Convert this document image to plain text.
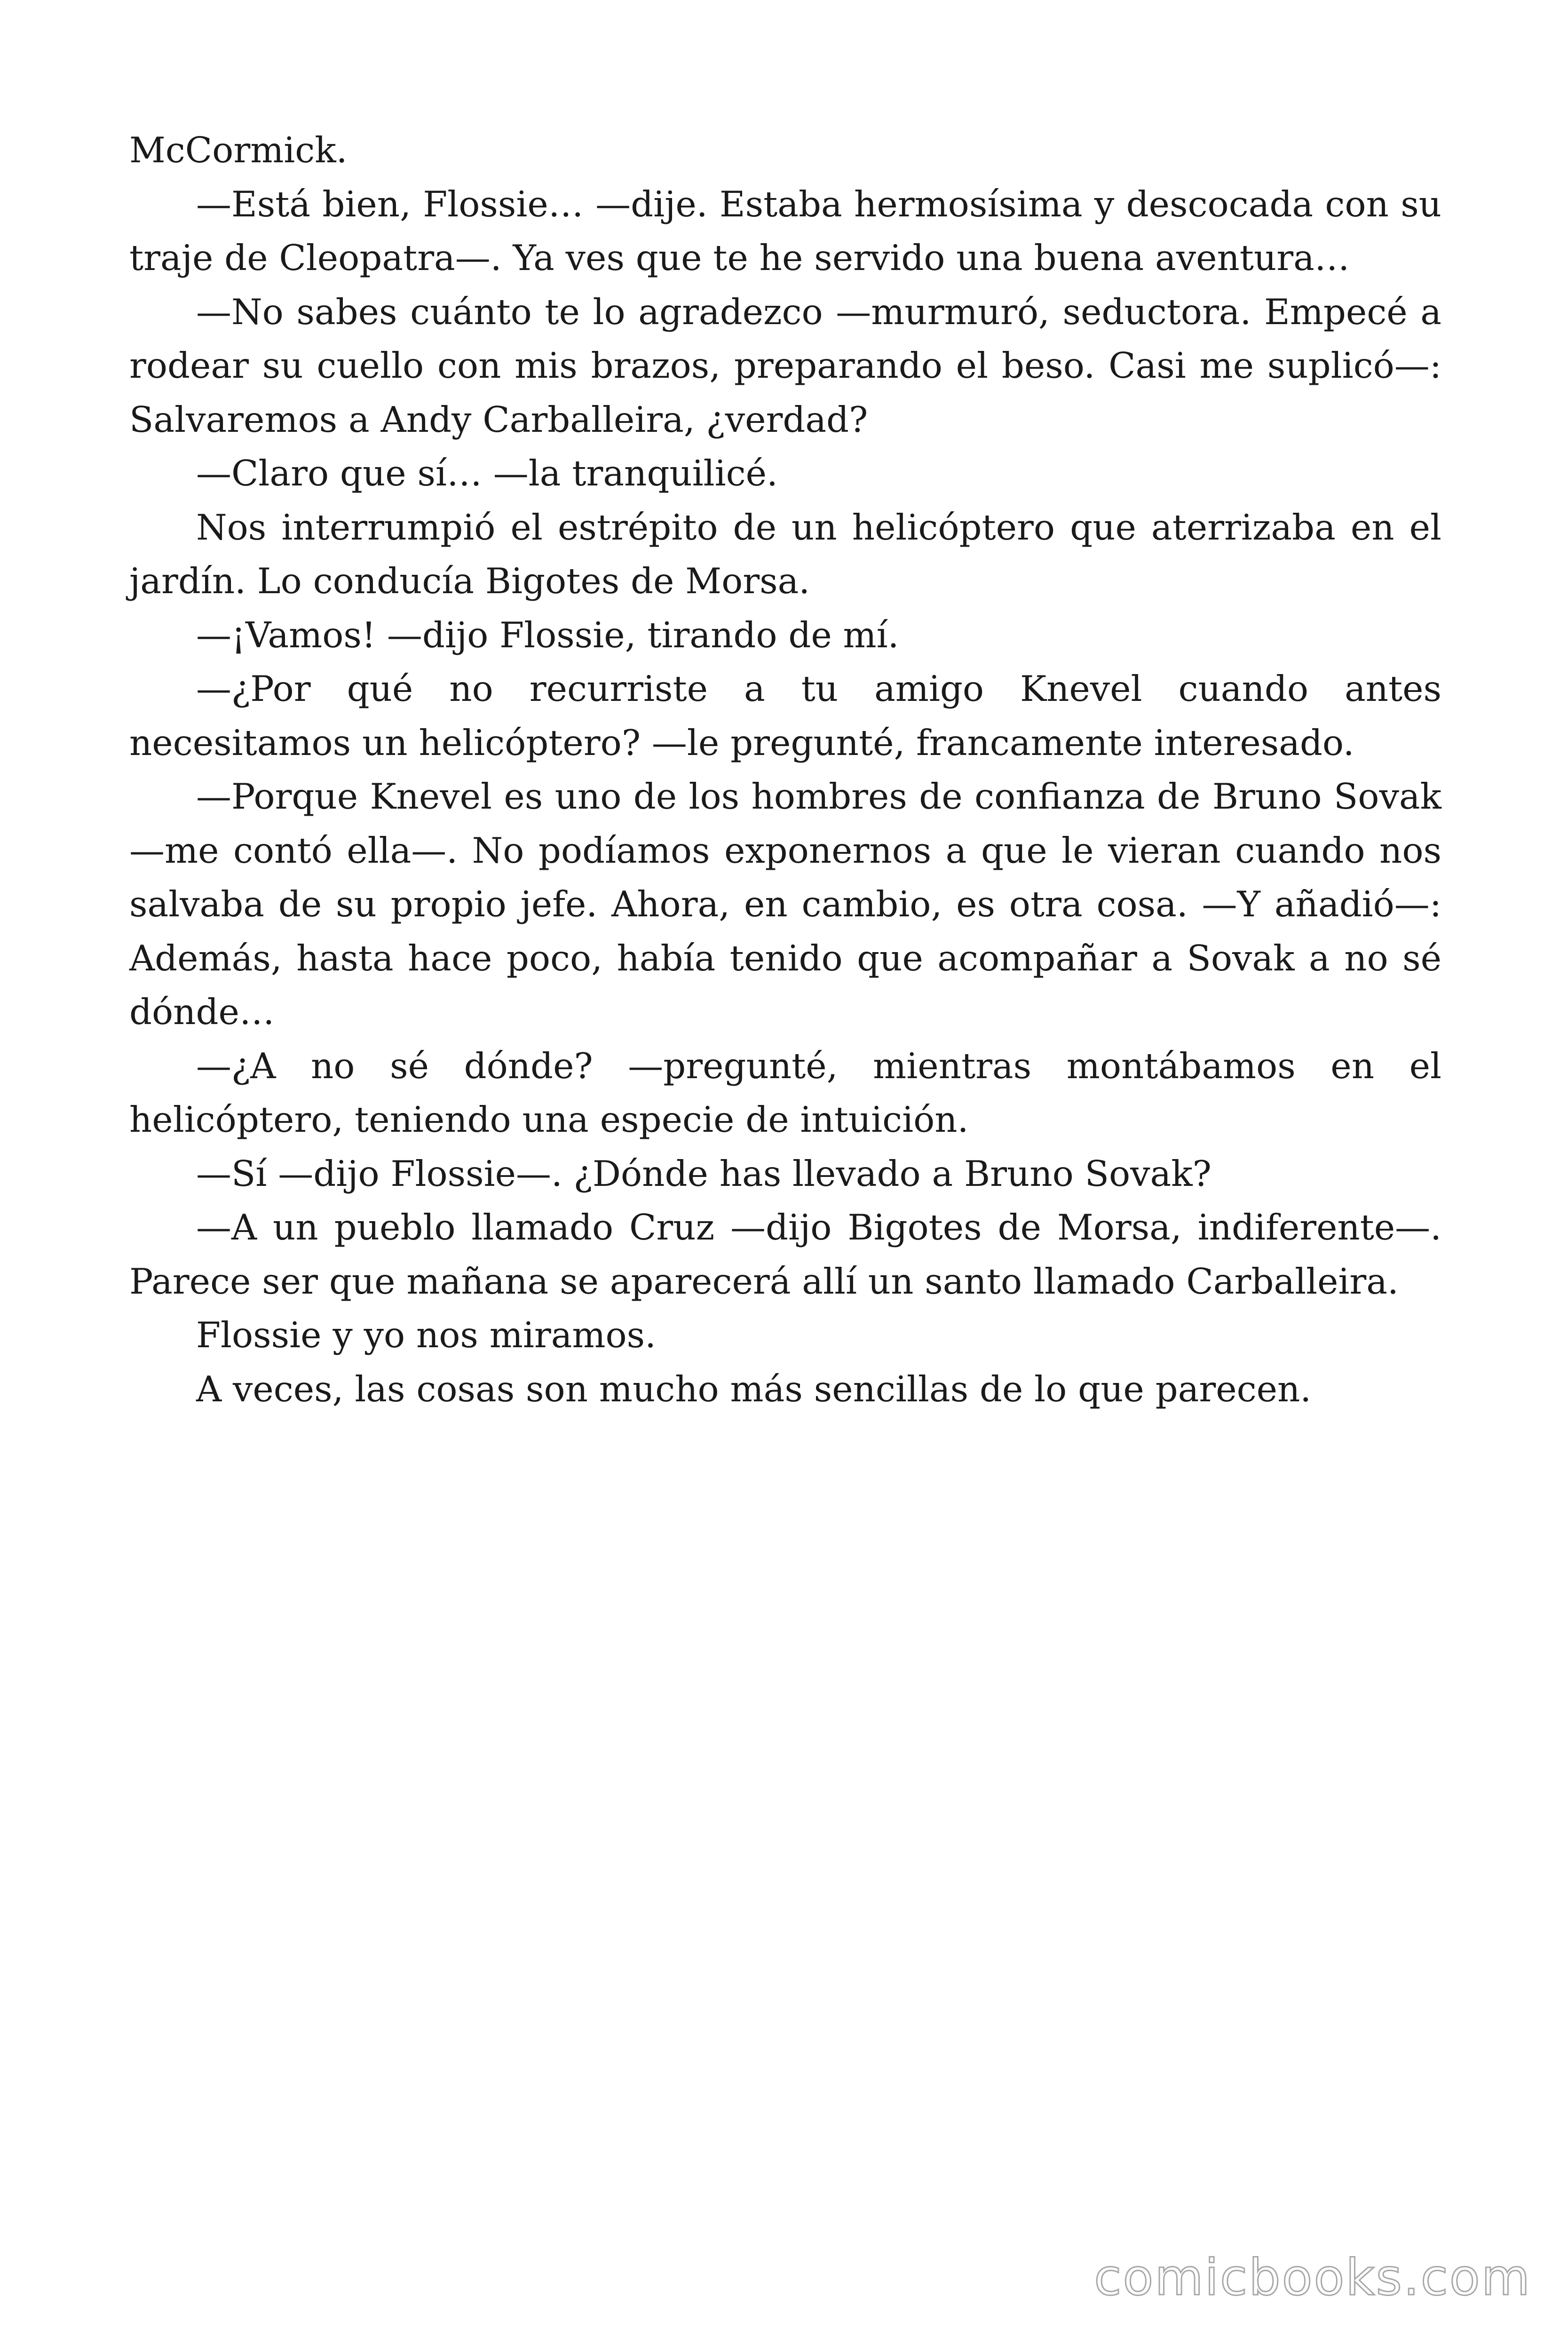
McCormick.

—Está bien, Flossie… —dije. Estaba hermosísima y descocada con su traje de Cleopatra—. Ya ves que te he servido una buena aventura…

—No sabes cuánto te lo agradezco —murmuró, seductora. Empecé a rodear su cuello con mis brazos, preparando el beso. Casi me suplicó—: Salvaremos a Andy Carballeira, ¿verdad?

—Claro que sí… —la tranquilicé.

Nos interrumpió el estrépito de un helicóptero que aterrizaba en el jardín. Lo conducía Bigotes de Morsa.

—¡Vamos! —dijo Flossie, tirando de mí.

—¿Por qué no recurriste a tu amigo Knevel cuando antes necesitamos un helicóptero? —le pregunté, francamente interesado.

—Porque Knevel es uno de los hombres de confianza de Bruno Sovak —me contó ella—. No podíamos exponernos a que le vieran cuando nos salvaba de su propio jefe. Ahora, en cambio, es otra cosa. —Y añadió—: Además, hasta hace poco, había tenido que acompañar a Sovak a no sé dónde…

—¿A no sé dónde? —pregunté, mientras montábamos en el helicóptero, teniendo una especie de intuición.

—Sí —dijo Flossie—. ¿Dónde has llevado a Bruno Sovak?

—A un pueblo llamado Cruz —dijo Bigotes de Morsa, indiferente—. Parece ser que mañana se aparecerá allí un santo llamado Carballeira.

Flossie y yo nos miramos.

A veces, las cosas son mucho más sencillas de lo que parecen.

comicbooks.com
